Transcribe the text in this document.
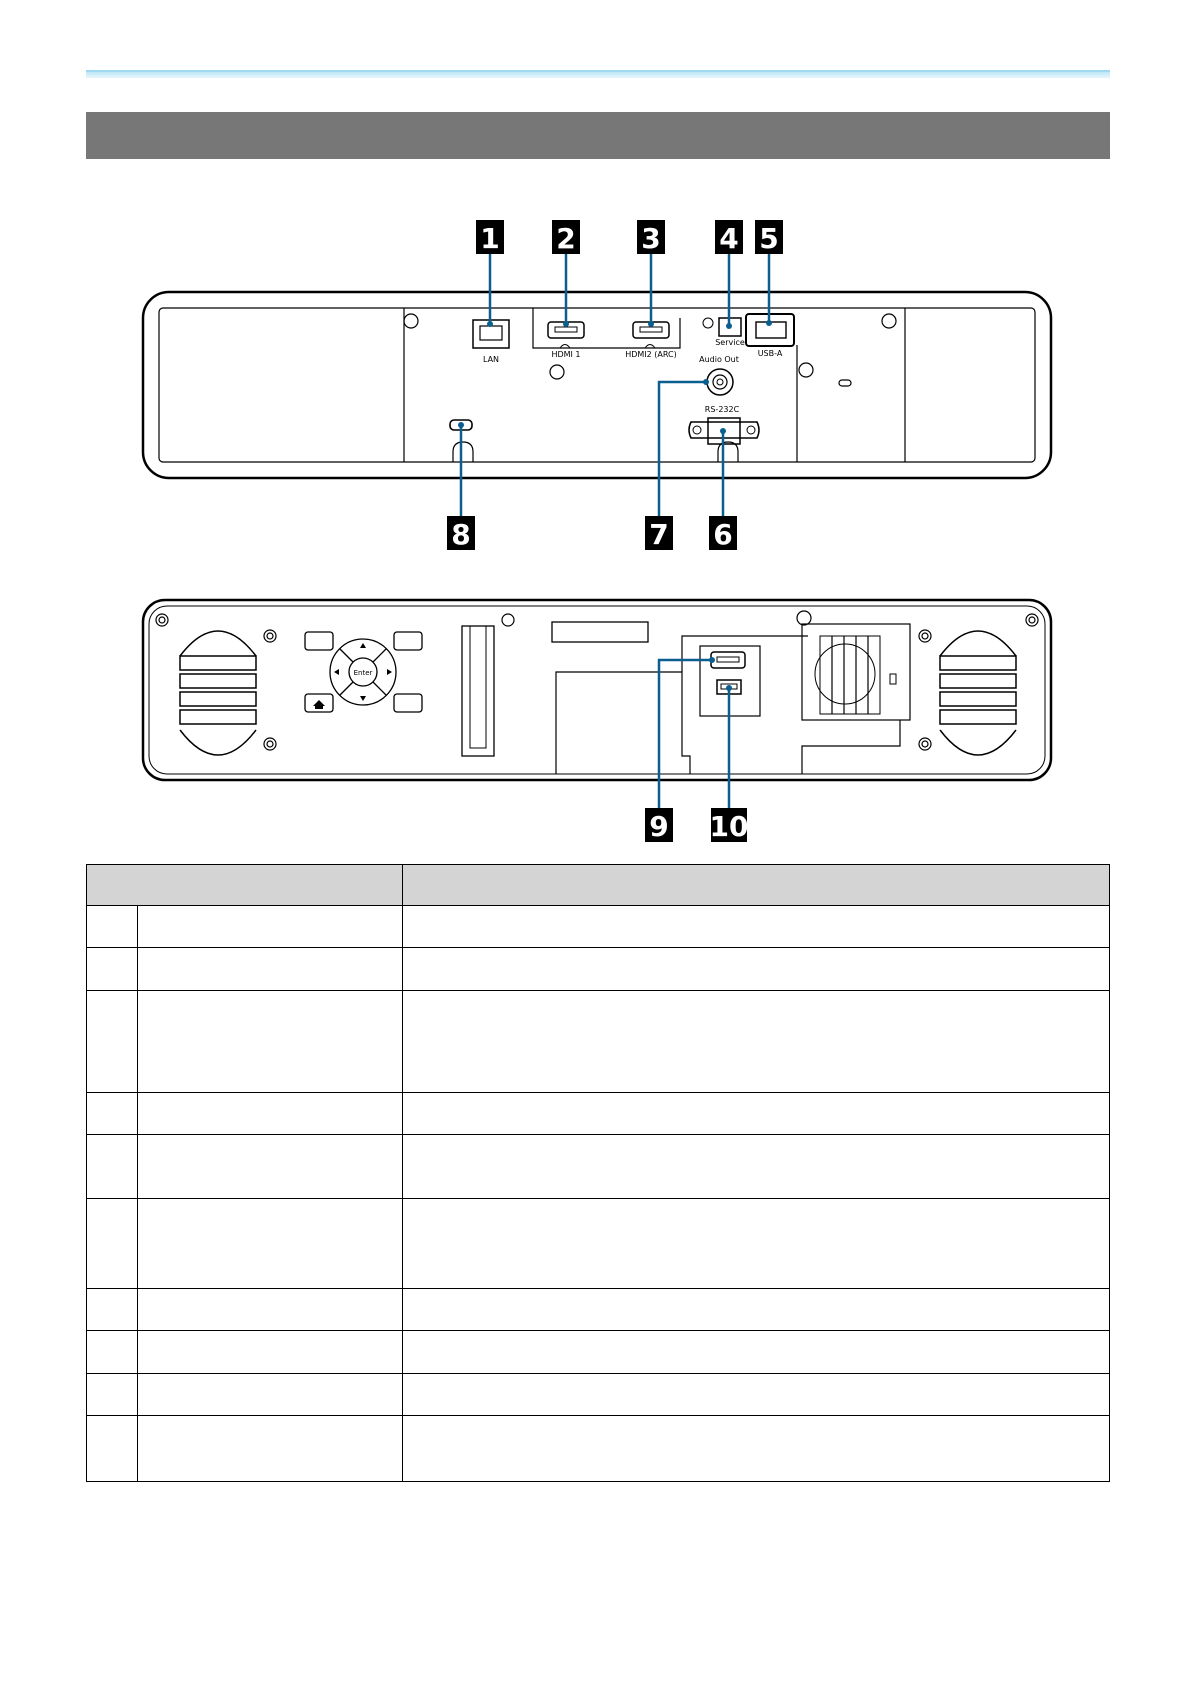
LAN
HDMI 1	HDMI2 (ARC)
Service
USB-A
Audio Out
RS-232C
1 2 3 4 5
8	7 6
Enter
9 10
